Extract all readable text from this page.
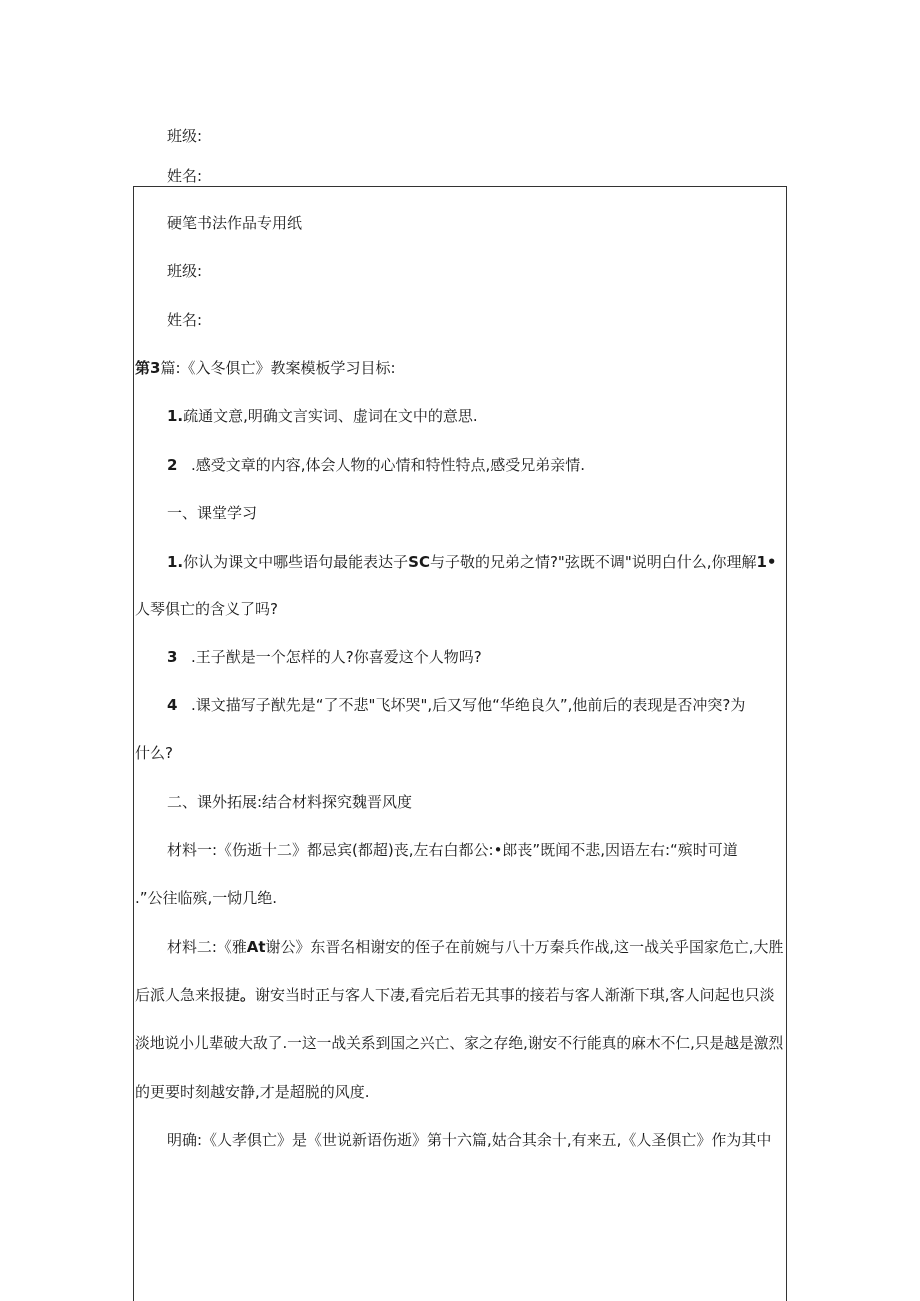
班级:
姓名:
硬笔书法作品专用纸
班级:
姓名:
第3篇:《入冬俱亡》教案模板学习目标:
1.疏通文意,明确文言实词、虚词在文中的意思.
2 .感受文章的内容,体会人物的心情和特性特点,感受兄弟亲情.
一、课堂学习
1.你认为课文中哪些语句最能表达子SC与子敬的兄弟之情?"弦既不调"说明白什么,你理解1•
人琴俱亡的含义了吗?
3 .王子猷是一个怎样的人?你喜爱这个人物吗?
4 .课文描写子猷先是“了不悲"飞坏哭",后又写他“华绝良久”,他前后的表现是否冲突?为
什么?
二、课外拓展:结合材料探究魏晋风度
材料一:《伤逝十二》都忌宾(都超)丧,左右白都公:•郎丧”既闻不悲,因语左右:“殡时可道
.”公往临殡,一恸几绝.
材料二:《雅At谢公》东晋名相谢安的侄子在前婉与八十万秦兵作战,这一战关乎国家危亡,大胜
后派人急来报捷。谢安当时正与客人下凄,看完后若无其事的接若与客人渐渐下琪,客人问起也只淡
淡地说小儿辈破大敌了.一这一战关系到国之兴亡、家之存绝,谢安不行能真的麻木不仁,只是越是激烈
的更要时刻越安静,才是超脱的风度.
明确:《人孝俱亡》是《世说新语伤逝》第十六篇,姑合其余十,有来五,《人圣俱亡》作为其中
